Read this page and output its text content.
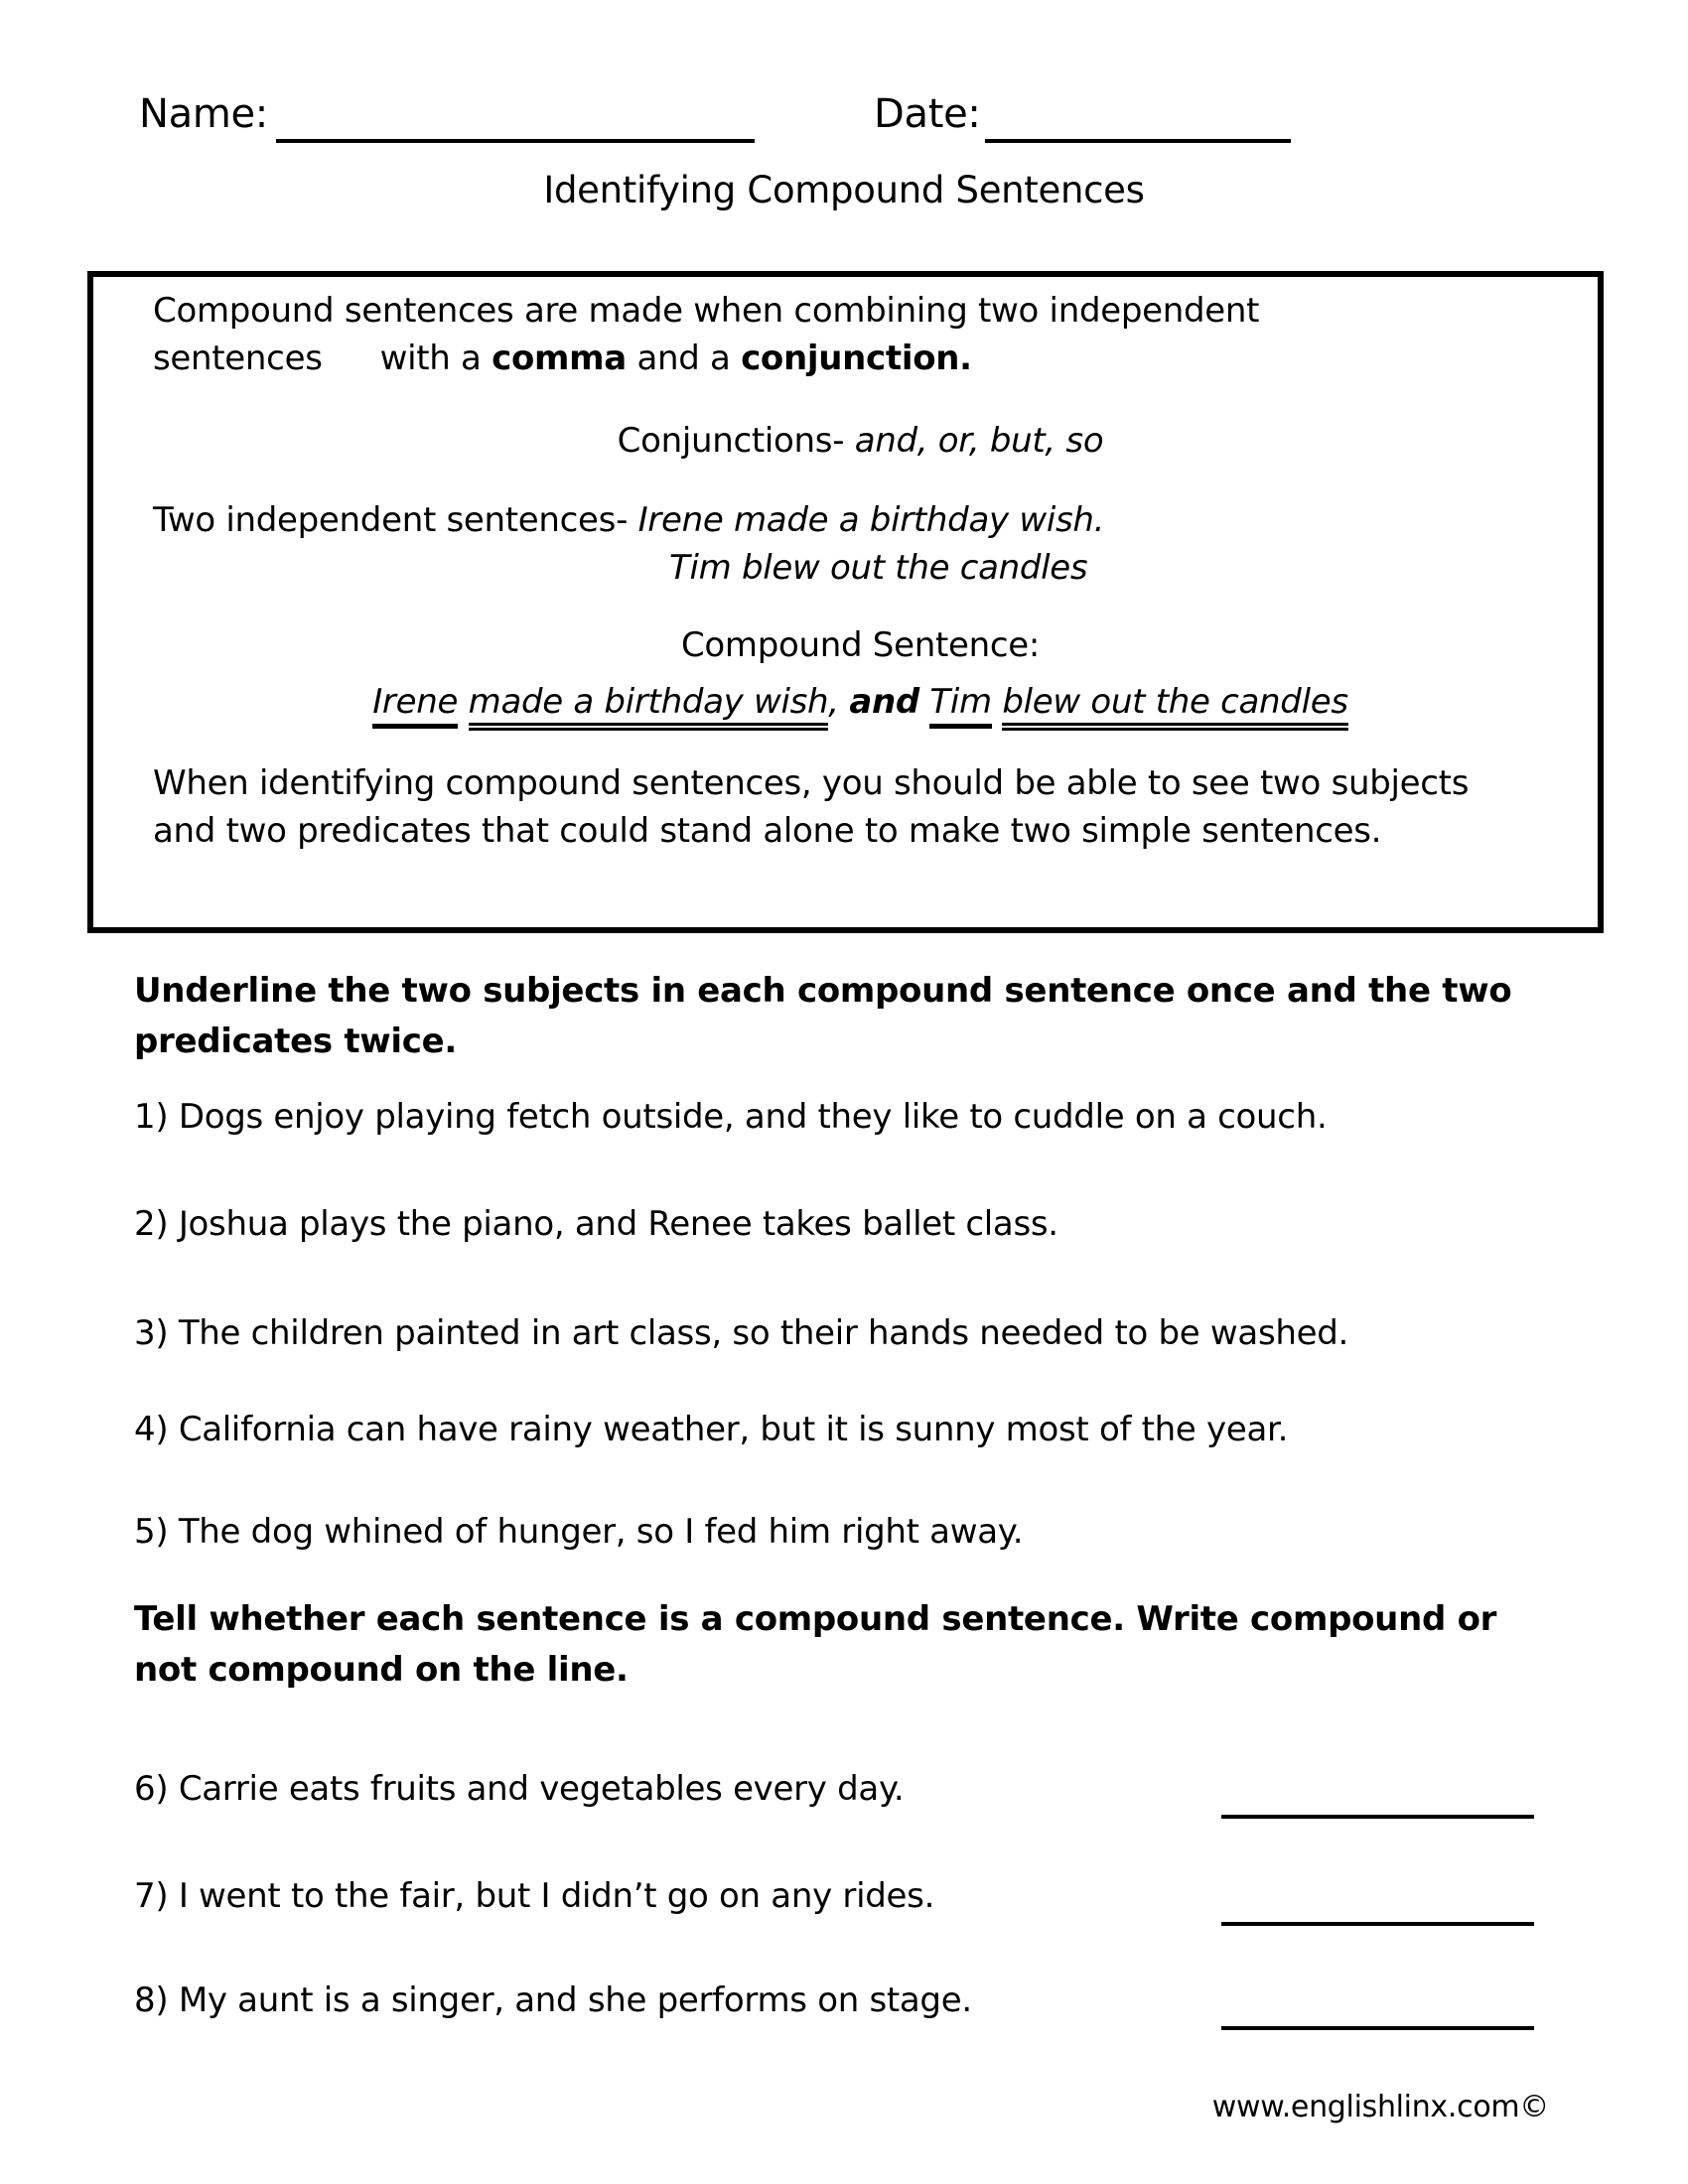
Name:	Date:
Identifying Compound Sentences
Compound sentences are made when combining two independent
sentences with a comma and a conjunction.
Conjunctions- and, or, but, so
Two independent sentences- Irene made a birthday wish.
Tim blew out the candles
Compound Sentence:
Irene made a birthday wish, and Tim blew out the candles
When identifying compound sentences, you should be able to see two subjects and two predicates that could stand alone to make two simple sentences.
Underline the two subjects in each compound sentence once and the two predicates twice.
1) Dogs enjoy playing fetch outside, and they like to cuddle on a couch.
2) Joshua plays the piano, and Renee takes ballet class.
3) The children painted in art class, so their hands needed to be washed.
4) California can have rainy weather, but it is sunny most of the year.
5) The dog whined of hunger, so I fed him right away.
Tell whether each sentence is a compound sentence. Write compound or not compound on the line.
6) Carrie eats fruits and vegetables every day.
7) I went to the fair, but I didn’t go on any rides.
8) My aunt is a singer, and she performs on stage.
www.englishlinx.com©
